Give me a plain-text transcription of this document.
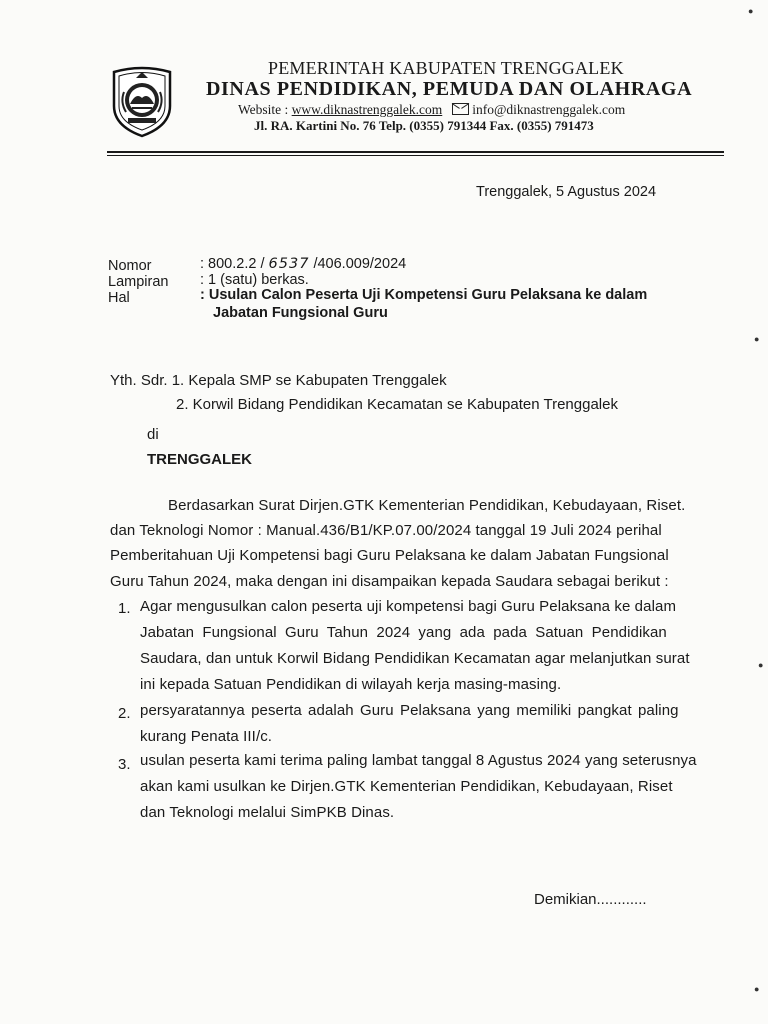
PEMERINTAH KABUPATEN TRENGGALEK
DINAS PENDIDIKAN, PEMUDA DAN OLAHRAGA
Website : www.diknastrenggalek.com info@diknastrenggalek.com
Jl. RA. Kartini No. 76 Telp. (0355) 791344 Fax. (0355) 791473
Trenggalek, 5 Agustus 2024
Nomor	: 800.2.2 / 6537 /406.009/2024
Lampiran : 1 (satu) berkas.
Hal	: Usulan Calon Peserta Uji Kompetensi Guru Pelaksana ke dalam
Jabatan Fungsional Guru
Yth. Sdr. 1. Kepala SMP se Kabupaten Trenggalek
2. Korwil Bidang Pendidikan Kecamatan se Kabupaten Trenggalek
di
TRENGGALEK
Berdasarkan Surat Dirjen.GTK Kementerian Pendidikan, Kebudayaan, Riset.
dan Teknologi Nomor : Manual.436/B1/KP.07.00/2024 tanggal 19 Juli 2024 perihal
Pemberitahuan Uji Kompetensi bagi Guru Pelaksana ke dalam Jabatan Fungsional
Guru Tahun 2024, maka dengan ini disampaikan kepada Saudara sebagai berikut :
1. Agar mengusulkan calon peserta uji kompetensi bagi Guru Pelaksana ke dalam
Jabatan Fungsional Guru Tahun 2024 yang ada pada Satuan Pendidikan
Saudara, dan untuk Korwil Bidang Pendidikan Kecamatan agar melanjutkan surat
ini kepada Satuan Pendidikan di wilayah kerja masing-masing.
2. persyaratannya peserta adalah Guru Pelaksana yang memiliki pangkat paling
kurang Penata III/c.
3. usulan peserta kami terima paling lambat tanggal 8 Agustus 2024 yang seterusnya
akan kami usulkan ke Dirjen.GTK Kementerian Pendidikan, Kebudayaan, Riset
dan Teknologi melalui SimPKB Dinas.
Demikian............
●
●
●
●
